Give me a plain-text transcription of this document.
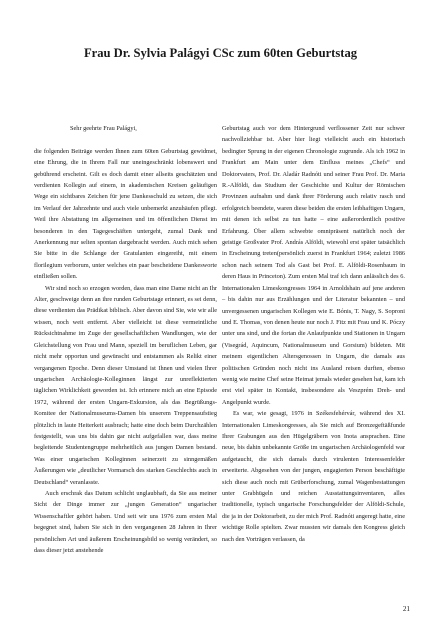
Frau Dr. Sylvia Palágyi CSc zum 60ten Geburtstag

Sehr geehrte Frau Palágyi,

die folgenden Beiträge werden Ihnen zum 60ten Geburtstag gewidmet, eine Ehrung, die in Ihrem Fall nur uneingeschränkt lobenswert und gebührend erscheint. Gilt es doch damit einer allseits geschätzten und verdienten Kollegin auf einem, in akademischen Kreisen geläufigen Wege ein sichtbares Zeichen für jene Dankesschuld zu setzen, die sich im Verlauf der Jahrzehnte und auch viele unbemerkt anzuhäufen pflegt. Weil ihre Abstattung im allgemeinen und im öffentlichen Dienst im besonderen in den Tagegeschäften untergeht, zumal Dank und Anerkennung nur selten spontan dargebracht werden. Auch mich sehen Sie bitte in die Schlange der Gratulanten eingereiht, mit einem florilegium verborum, unter welches ein paar bescheidene Dankesworte einfließen sollen.

Wir sind noch so erzogen worden, dass man eine Dame nicht an Ihr Alter, geschweige denn an ihre runden Geburtstage erinnert, es sei denn, diese verdienten das Prädikat biblisch. Aber davon sind Sie, wie wir alle wissen, noch weit entfernt. Aber vielleicht ist diese vermeintliche Rücksichtnahme im Zuge der gesellschaftlichen Wandlungen, wie der Gleichstellung von Frau und Mann, speziell im beruflichen Leben, gar nicht mehr opportun und gewünscht und entstammen als Relikt einer vergangenen Epoche. Denn dieser Umstand ist Ihnen und vielen Ihrer ungarischen Archäologie-Kolleginnen längst zur unreflektierten täglichen Wirklichkeit geworden ist. Ich erinnere mich an eine Episode 1972, während der ersten Ungarn-Exkursion, als das Begrüßungs-Komitee der Nationalmuseums-Damen bis unserem Treppensaufstieg plötzlich in laute Heiterkeit ausbrach; hatte eine doch beim Durchzählen festgestellt, was uns bis dahin gar nicht aufgefallen war, dass meine begleitende Studentengruppe mehrheitlich aus jungen Damen bestand. Was einer ungarischen Kolleginnen seinerzeit zu sinngemäßen Äußerungen wie „deutlicher Vormarsch des starken Geschlechts auch in Deutschland“ veranlasste.

Auch erschrak das Datum schlicht unglaubhaft, da Sie aus meiner Sicht der Dinge immer zur „jungen Generation“ ungarischer Wissenschaftler gehört haben. Und seit wir uns 1976 zum ersten Mal begegnet sind, haben Sie sich in den vergangenen 28 Jahren in Ihrer persönlichen Art und äußerem Erscheinungsbild so wenig verändert, so dass dieser jetzt anstehende

Geburtstag auch vor dem Hintergrund verflossener Zeit nur schwer nachvollziehbar ist. Aber hier liegt vielleicht auch ein historisch bedingter Sprung in der eigenen Chronologie zugrunde. Als ich 1962 in Frankfurt am Main unter dem Einfluss meines „Chefs“ und Doktorvaters, Prof. Dr. Aladár Radnóti und seiner Frau Prof. Dr. Maria R.-Alföldi, das Studium der Geschichte und Kultur der Römischen Provinzen aufnahm und dank ihrer Förderung auch relativ rasch und erfolgreich beendete, waren diese beiden die ersten leibhaftigen Ungarn, mit denen ich selbst zu tun hatte – eine außerordentlich positive Erfahrung. Über allem schwebte omnipräsent natürlich noch der geistige Großvater Prof. András Alföldi, wiewohl erst später tatsächlich in Erscheinung treten(persönlich zuerst in Frankfurt 1964; zuletzt 1986 schon nach seinem Tod als Gast bei Prof. E. Alföldi-Rosenbaum in deren Haus in Princeton). Zum ersten Mal traf ich dann anlässlich des 6. Internationalen Limeskongresses 1964 in Arnoldshain auf jene anderen – bis dahin nur aus Erzählungen und der Literatur bekannten – und unvergessenen ungarischen Kollegen wie E. Bónis, T. Nagy, S. Soproni und E. Thomas, von denen heute nur noch J. Fitz mit Frau und K. Póczy unter uns sind, und die fortan die Anlaufpunkte und Stationen in Ungarn (Visegrád, Aquincum, Nationalmuseum und Gorsium) bildeten. Mit meinem eigentlichen Altersgenossen in Ungarn, die damals aus politischen Gründen noch nicht ins Ausland reisen durften, ebenso wenig wie meine Chef seine Heimat jemals wieder gesehen hat, kam ich erst viel später in Kontakt, insbesondere als Veszprém Dreh- und Angelpunkt wurde.

Es war, wie gesagt, 1976 in Székesfehérvár, während des XI. Internationalen Limeskongresses, als Sie mich auf Bronzegeftäßfunde Ihrer Grabungen aus den Hügelgräbern von Inota ansprachen. Eine neue, bis dahin unbekannte Größe im ungarischen Archäologenfeld war aufgetaucht, die sich damals durch virulenten Interessenfelder erweiterte. Abgesehen von der jungen, engagierten Person beschäftigte sich diese auch noch mit Grüberforschung, zumal Wagenbestattungen unter Grabhügeln und reichen Ausstattungsinventaren, alles traditionelle, typisch ungarische Forschungsfelder der Alföldi-Schule, die ja in der Doktorarbeit, zu der mich Prof. Radnóti angeregt hatte, eine wichtige Rolle spielten. Zwar mussten wir damals den Kongress gleich nach den Vorträgen verlassen, da

21
